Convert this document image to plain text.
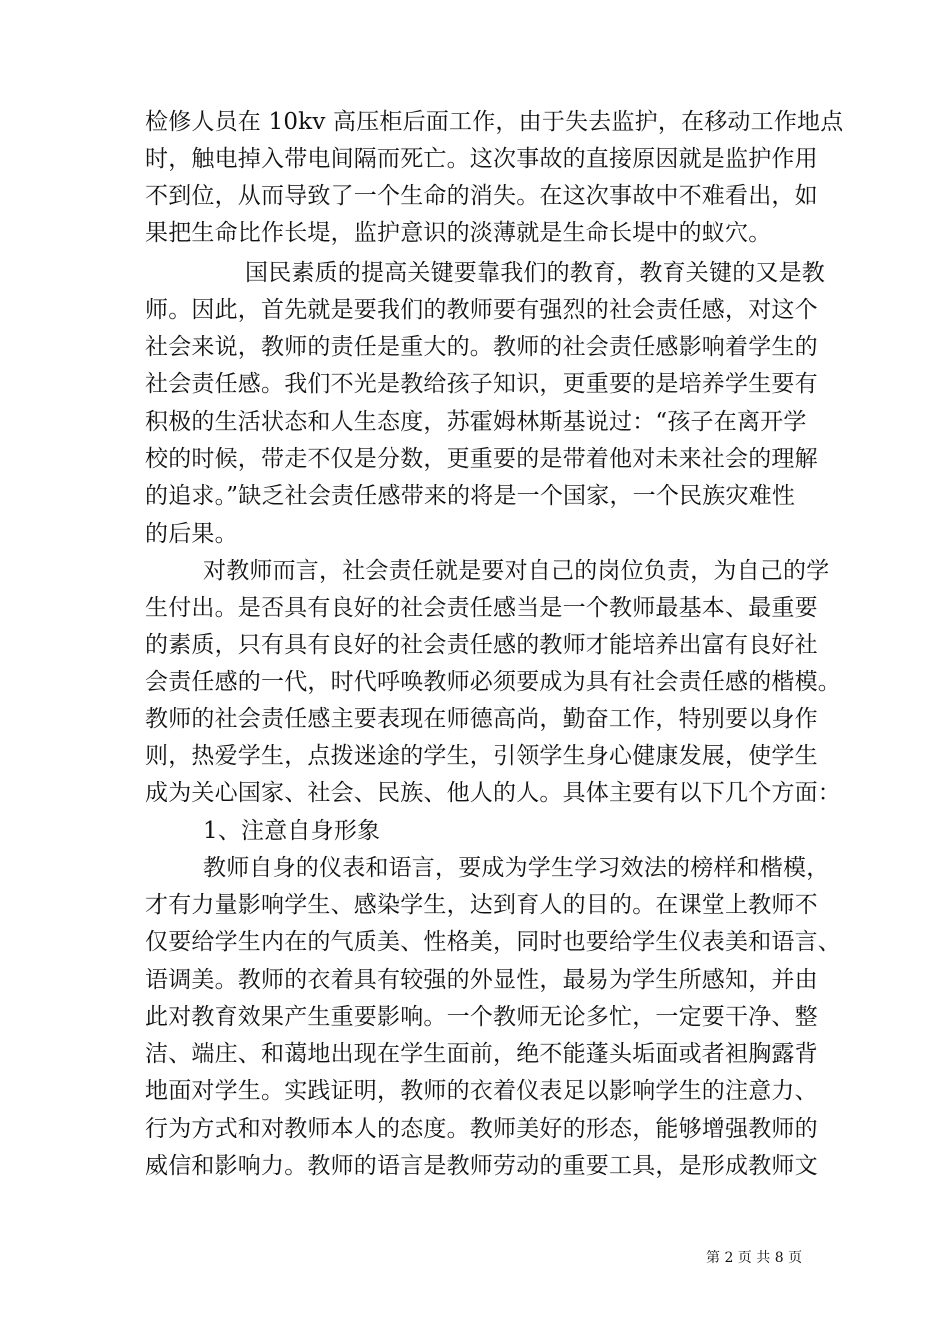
检修人员在 10kv 高压柜后面工作，由于失去监护，在移动工作地点
时，触电掉入带电间隔而死亡。这次事故的直接原因就是监护作用
不到位，从而导致了一个生命的消失。在这次事故中不难看出，如
果把生命比作长堤，监护意识的淡薄就是生命长堤中的蚁穴。
国民素质的提高关键要靠我们的教育，教育关键的又是教
师。因此，首先就是要我们的教师要有强烈的社会责任感，对这个
社会来说，教师的责任是重大的。教师的社会责任感影响着学生的
社会责任感。我们不光是教给孩子知识，更重要的是培养学生要有
积极的生活状态和人生态度，苏霍姆林斯基说过：“孩子在离开学
校的时候，带走不仅是分数，更重要的是带着他对未来社会的理解
的追求。”缺乏社会责任感带来的将是一个国家，一个民族灾难性
的后果。
对教师而言，社会责任就是要对自己的岗位负责，为自己的学
生付出。是否具有良好的社会责任感当是一个教师最基本、最重要
的素质，只有具有良好的社会责任感的教师才能培养出富有良好社
会责任感的一代，时代呼唤教师必须要成为具有社会责任感的楷模。
教师的社会责任感主要表现在师德高尚，勤奋工作，特别要以身作
则，热爱学生，点拨迷途的学生，引领学生身心健康发展，使学生
成为关心国家、社会、民族、他人的人。具体主要有以下几个方面：
1、注意自身形象
教师自身的仪表和语言，要成为学生学习效法的榜样和楷模，
才有力量影响学生、感染学生，达到育人的目的。在课堂上教师不
仅要给学生内在的气质美、性格美，同时也要给学生仪表美和语言、
语调美。教师的衣着具有较强的外显性，最易为学生所感知，并由
此对教育效果产生重要影响。一个教师无论多忙，一定要干净、整
洁、端庄、和蔼地出现在学生面前，绝不能蓬头垢面或者袒胸露背
地面对学生。实践证明，教师的衣着仪表足以影响学生的注意力、
行为方式和对教师本人的态度。教师美好的形态，能够增强教师的
威信和影响力。教师的语言是教师劳动的重要工具，是形成教师文
第 2 页 共 8 页
